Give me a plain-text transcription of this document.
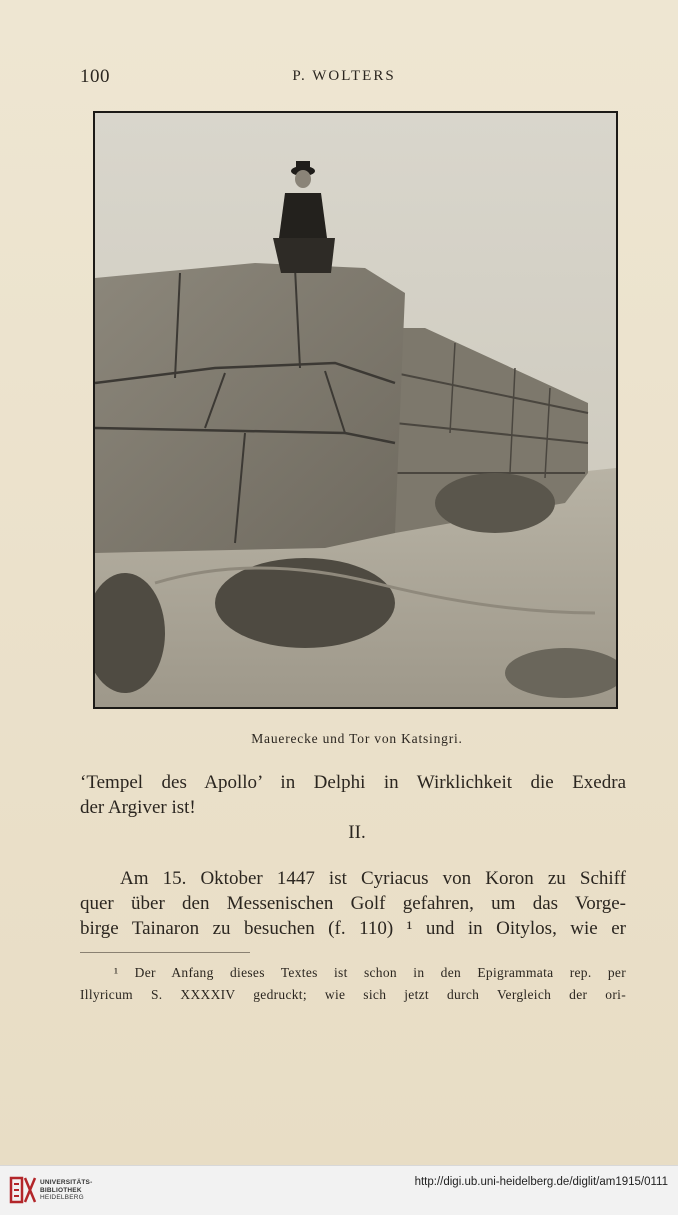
100	P. WOLTERS
Mauerecke und Tor von Katsingri.
‘Tempel des Apollo’ in Delphi in Wirklichkeit die Exedra
der Argiver ist!
II.
Am 15. Oktober 1447 ist Cyriacus von Koron zu Schiff
quer über den Messenischen Golf gefahren, um das Vorge-
birge Tainaron zu besuchen (f. 110) ¹ und in Oitylos, wie er
¹ Der Anfang dieses Textes ist schon in den Epigrammata rep. per
Illyricum S. XXXXIV gedruckt; wie sich jetzt durch Vergleich der ori-
UNIVERSITÄTS-
BIBLIOTHEK
HEIDELBERG
http://digi.ub.uni-heidelberg.de/diglit/am1915/0111
